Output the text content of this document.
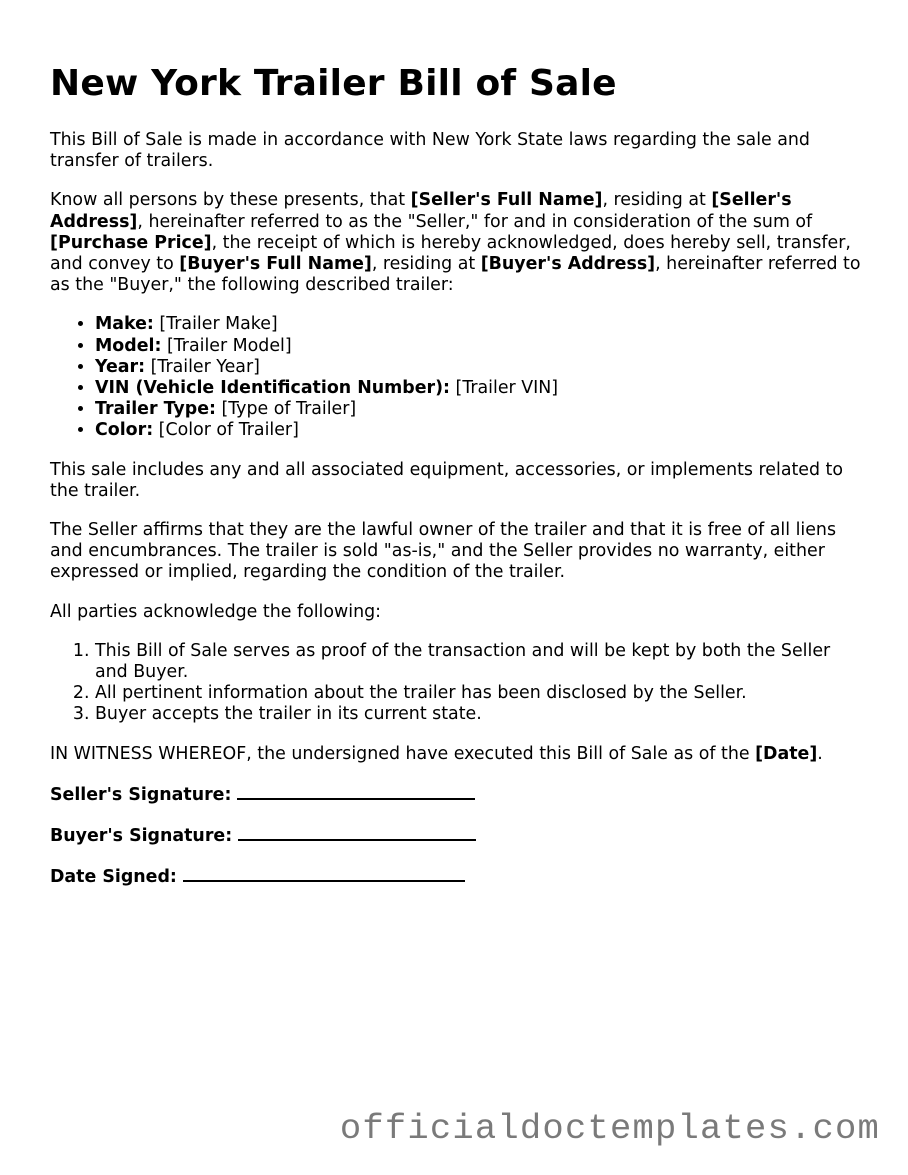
New York Trailer Bill of Sale

This Bill of Sale is made in accordance with New York State laws regarding the sale and transfer of trailers.

Know all persons by these presents, that [Seller's Full Name], residing at [Seller's Address], hereinafter referred to as the "Seller," for and in consideration of the sum of [Purchase Price], the receipt of which is hereby acknowledged, does hereby sell, transfer, and convey to [Buyer's Full Name], residing at [Buyer's Address], hereinafter referred to as the "Buyer," the following described trailer:

• Make: [Trailer Make]
• Model: [Trailer Model]
• Year: [Trailer Year]
• VIN (Vehicle Identification Number): [Trailer VIN]
• Trailer Type: [Type of Trailer]
• Color: [Color of Trailer]

This sale includes any and all associated equipment, accessories, or implements related to the trailer.

The Seller affirms that they are the lawful owner of the trailer and that it is free of all liens and encumbrances. The trailer is sold "as-is," and the Seller provides no warranty, either expressed or implied, regarding the condition of the trailer.

All parties acknowledge the following:

1. This Bill of Sale serves as proof of the transaction and will be kept by both the Seller and Buyer.
2. All pertinent information about the trailer has been disclosed by the Seller.
3. Buyer accepts the trailer in its current state.

IN WITNESS WHEREOF, the undersigned have executed this Bill of Sale as of the [Date].

Seller's Signature:
Buyer's Signature:
Date Signed:
officialdoctemplates.com
